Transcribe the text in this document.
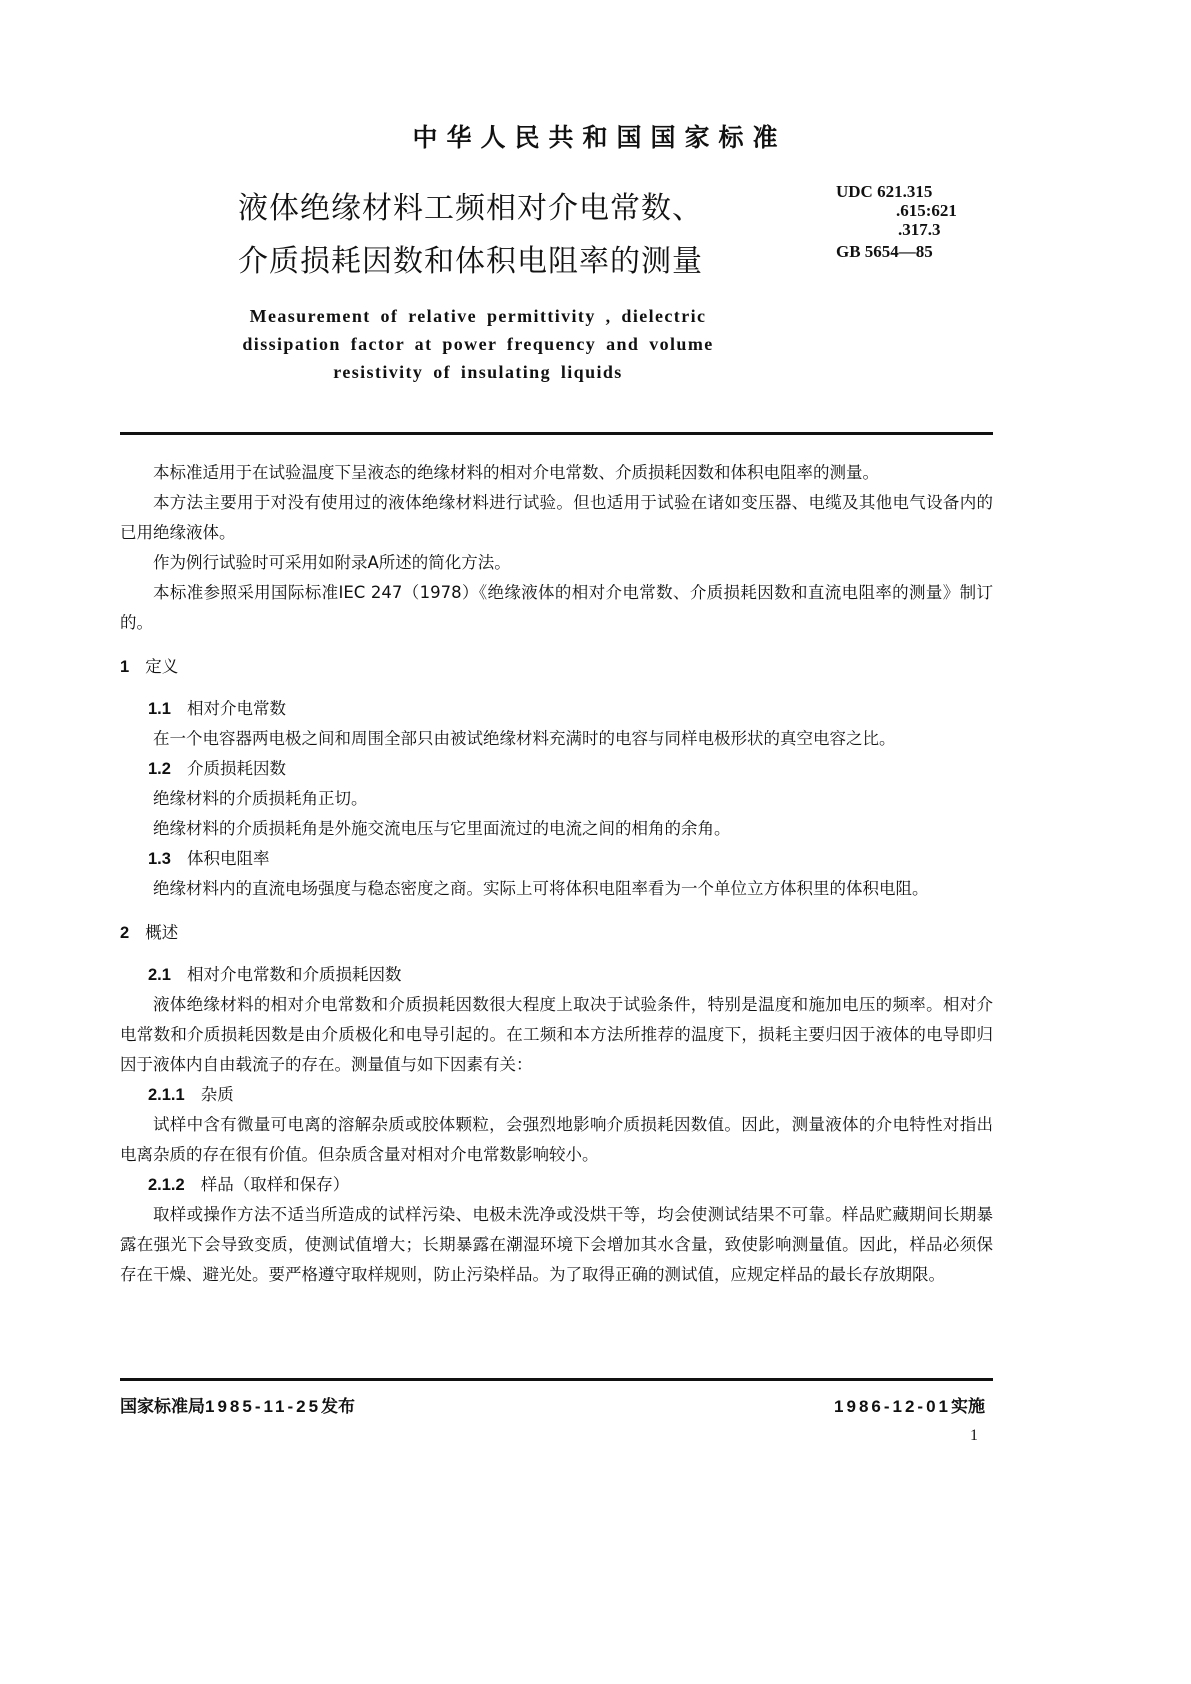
中华人民共和国国家标准
液体绝缘材料工频相对介电常数、
介质损耗因数和体积电阻率的测量
UDC 621.315
.615:621
.317.3
GB 5654—85
Measurement of relative permittivity , dielectric
dissipation factor at power frequency and volume
resistivity of insulating liquids

本标准适用于在试验温度下呈液态的绝缘材料的相对介电常数、介质损耗因数和体积电阻率的测量。

本方法主要用于对没有使用过的液体绝缘材料进行试验。但也适用于试验在诸如变压器、电缆及其他电气设备内的已用绝缘液体。

作为例行试验时可采用如附录A所述的简化方法。

本标准参照采用国际标准IEC 247（1978）《绝缘液体的相对介电常数、介质损耗因数和直流电阻率的测量》制订的。

1 定义
1.1 相对介电常数

在一个电容器两电极之间和周围全部只由被试绝缘材料充满时的电容与同样电极形状的真空电容之比。

1.2 介质损耗因数

绝缘材料的介质损耗角正切。

绝缘材料的介质损耗角是外施交流电压与它里面流过的电流之间的相角的余角。

1.3 体积电阻率

绝缘材料内的直流电场强度与稳态密度之商。实际上可将体积电阻率看为一个单位立方体积里的体积电阻。

2 概述
2.1 相对介电常数和介质损耗因数

液体绝缘材料的相对介电常数和介质损耗因数很大程度上取决于试验条件，特别是温度和施加电压的频率。相对介电常数和介质损耗因数是由介质极化和电导引起的。在工频和本方法所推荐的温度下，损耗主要归因于液体的电导即归因于液体内自由载流子的存在。测量值与如下因素有关：

2.1.1 杂质

试样中含有微量可电离的溶解杂质或胶体颗粒，会强烈地影响介质损耗因数值。因此，测量液体的介电特性对指出电离杂质的存在很有价值。但杂质含量对相对介电常数影响较小。

2.1.2 样品（取样和保存）

取样或操作方法不适当所造成的试样污染、电极未洗净或没烘干等，均会使测试结果不可靠。样品贮藏期间长期暴露在强光下会导致变质，使测试值增大；长期暴露在潮湿环境下会增加其水含量，致使影响测量值。因此，样品必须保存在干燥、避光处。要严格遵守取样规则，防止污染样品。为了取得正确的测试值，应规定样品的最长存放期限。

国家标准局1985-11-25发布	1986-12-01实施
1
